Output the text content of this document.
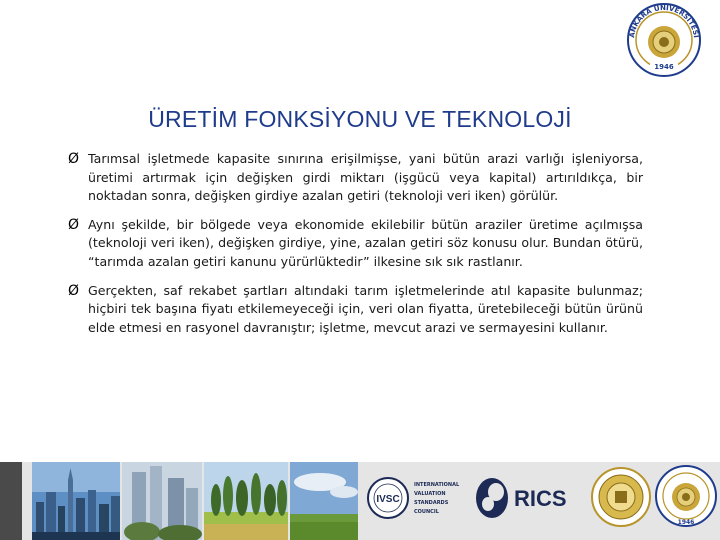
ANKARA ÜNİVERSİTESİ
1946
ÜRETİM FONKSİYONU VE TEKNOLOJİ

Ø Tarımsal işletmede kapasite sınırına erişilmişse, yani bütün arazi varlığı işleniyorsa, üretimi artırmak için değişken girdi miktarı (işgücü veya kapital) artırıldıkça, bir noktadan sonra, değişken girdiye azalan getiri (teknoloji veri iken) görülür.

Ø Aynı şekilde, bir bölgede veya ekonomide ekilebilir bütün araziler üretime açılmışsa (teknoloji veri iken), değişken girdiye, yine, azalan getiri söz konusu olur. Bundan ötürü, “tarımda azalan getiri kanunu yürürlüktedir” ilkesine sık sık rastlanır.

Ø Gerçekten, saf rekabet şartları altındaki tarım işletmelerinde atıl kapasite bulunmaz; hiçbiri tek başına fiyatı etkilemeyeceği için, veri olan fiyatta, üretebileceği bütün ürünü elde etmesi en rasyonel davranıştır; işletme, mevcut arazi ve sermayesini kullanır.

IVSC
INTERNATIONAL
VALUATION
STANDARDS
COUNCIL
RICS
1946
